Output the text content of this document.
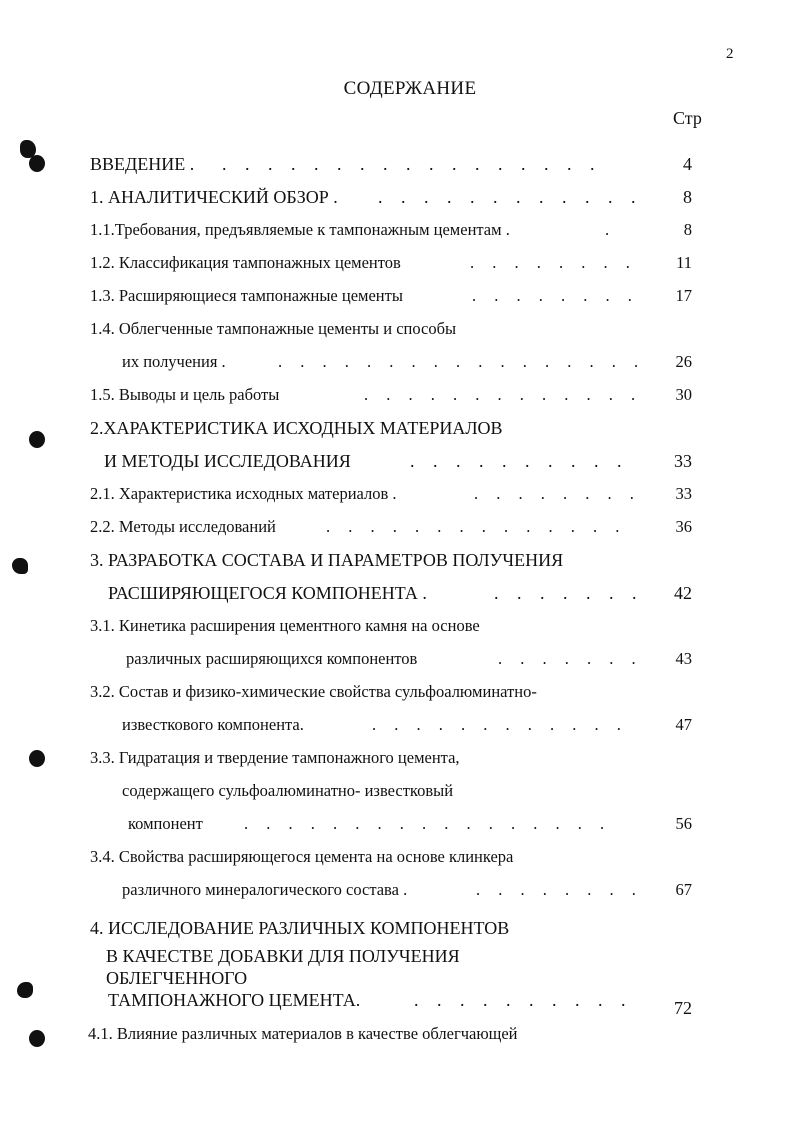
2
СОДЕРЖАНИЕ
Стр
ВВЕДЕНИЕ . . . . . . . . . . . . . . . . . .	4
1. АНАЛИТИЧЕСКИЙ ОБЗОР . . . . . . . . . . . . .	8
1.1.Требования, предъявляемые к тампонажным цементам .	.	8
1.2. Классификация тампонажных цементов	. . . . . . . .	11
1.3. Расширяющиеся тампонажные цементы	. . . . . . . .	17
1.4. Облегченные тампонажные цементы и способы
их получения .	. . . . . . . . . . . . . . . . . 26
1.5. Выводы и цель работы	. . . . . . . . . . . . . 30
2.ХАРАКТЕРИСТИКА ИСХОДНЫХ МАТЕРИАЛОВ
И МЕТОДЫ ИССЛЕДОВАНИЯ	. . . . . . . . . .	33
2.1. Характеристика исходных материалов .	. . . . . . . .	33
2.2. Методы исследований	. . . . . . . . . . . . . .	36
3. РАЗРАБОТКА СОСТАВА И ПАРАМЕТРОВ ПОЛУЧЕНИЯ
РАСШИРЯЮЩЕГОСЯ КОМПОНЕНТА .	. . . . . . . 42
3.1. Кинетика расширения цементного камня на основе
различных расширяющихся компонентов	. . . . . . . 43
3.2. Состав и физико-химические свойства сульфоалюминатно-
известкового компонента.	. . . . . . . . . . . .	47
3.3. Гидратация и твердение тампонажного цемента,
содержащего сульфоалюминатно- известковый
компонент . . . . . . . . . . . . . . . . .	56
3.4. Свойства расширяющегося цемента на основе клинкера
различного минералогического состава .	. . . . . . . . 67
4. ИССЛЕДОВАНИЕ РАЗЛИЧНЫХ КОМПОНЕНТОВ
В КАЧЕСТВЕ ДОБАВКИ ДЛЯ ПОЛУЧЕНИЯ
ОБЛЕГЧЕННОГО
ТАМПОНАЖНОГО ЦЕМЕНТА.	. . . . . . . . . .	72
4.1. Влияние различных материалов в качестве облегчающей
